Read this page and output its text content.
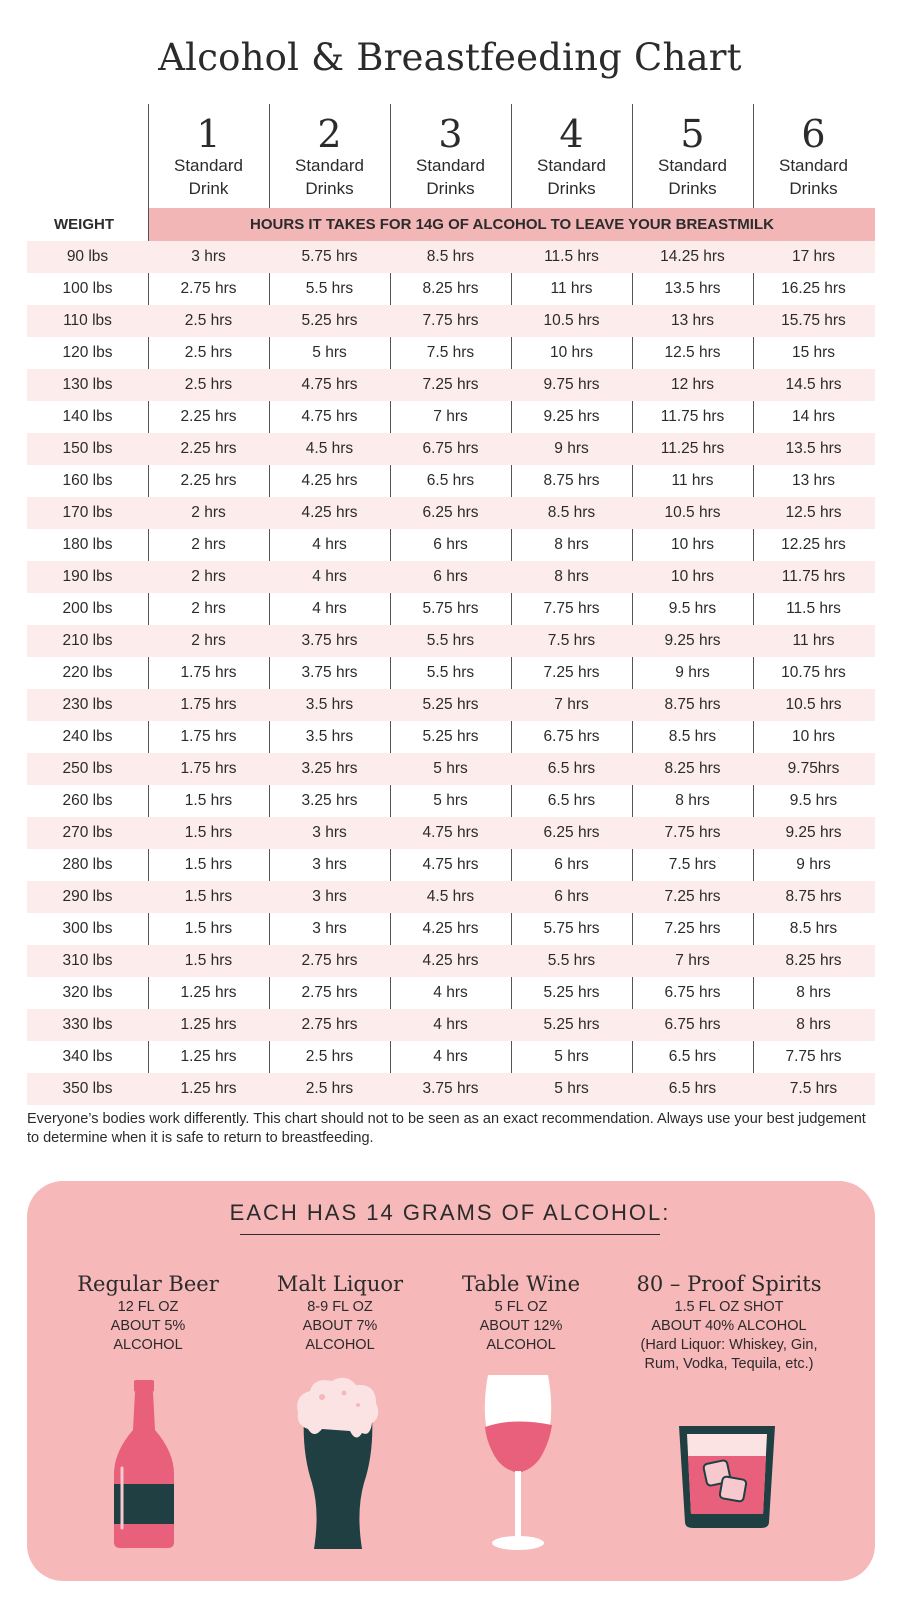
Alcohol & Breastfeeding Chart
1
Standard
Drink
2
Standard
Drinks
3
Standard
Drinks
4
Standard
Drinks
5
Standard
Drinks
6
Standard
Drinks
WEIGHT	HOURS IT TAKES FOR 14G OF ALCOHOL TO LEAVE YOUR BREASTMILK
90 lbs	3 hrs	5.75 hrs	8.5 hrs	11.5 hrs	14.25 hrs	17 hrs
100 lbs	2.75 hrs	5.5 hrs	8.25 hrs	11 hrs	13.5 hrs	16.25 hrs
110 lbs	2.5 hrs	5.25 hrs	7.75 hrs	10.5 hrs	13 hrs	15.75 hrs
120 lbs	2.5 hrs	5 hrs	7.5 hrs	10 hrs	12.5 hrs	15 hrs
130 lbs	2.5 hrs	4.75 hrs	7.25 hrs	9.75 hrs	12 hrs	14.5 hrs
140 lbs	2.25 hrs	4.75 hrs	7 hrs	9.25 hrs	11.75 hrs	14 hrs
150 lbs	2.25 hrs	4.5 hrs	6.75 hrs	9 hrs	11.25 hrs	13.5 hrs
160 lbs	2.25 hrs	4.25 hrs	6.5 hrs	8.75 hrs	11 hrs	13 hrs
170 lbs	2 hrs	4.25 hrs	6.25 hrs	8.5 hrs	10.5 hrs	12.5 hrs
180 lbs	2 hrs	4 hrs	6 hrs	8 hrs	10 hrs	12.25 hrs
190 lbs	2 hrs	4 hrs	6 hrs	8 hrs	10 hrs	11.75 hrs
200 lbs	2 hrs	4 hrs	5.75 hrs	7.75 hrs	9.5 hrs	11.5 hrs
210 lbs	2 hrs	3.75 hrs	5.5 hrs	7.5 hrs	9.25 hrs	11 hrs
220 lbs	1.75 hrs	3.75 hrs	5.5 hrs	7.25 hrs	9 hrs	10.75 hrs
230 lbs	1.75 hrs	3.5 hrs	5.25 hrs	7 hrs	8.75 hrs	10.5 hrs
240 lbs	1.75 hrs	3.5 hrs	5.25 hrs	6.75 hrs	8.5 hrs	10 hrs
250 lbs	1.75 hrs	3.25 hrs	5 hrs	6.5 hrs	8.25 hrs	9.75hrs
260 lbs	1.5 hrs	3.25 hrs	5 hrs	6.5 hrs	8 hrs	9.5 hrs
270 lbs	1.5 hrs	3 hrs	4.75 hrs	6.25 hrs	7.75 hrs	9.25 hrs
280 lbs	1.5 hrs	3 hrs	4.75 hrs	6 hrs	7.5 hrs	9 hrs
290 lbs	1.5 hrs	3 hrs	4.5 hrs	6 hrs	7.25 hrs	8.75 hrs
300 lbs	1.5 hrs	3 hrs	4.25 hrs	5.75 hrs	7.25 hrs	8.5 hrs
310 lbs	1.5 hrs	2.75 hrs	4.25 hrs	5.5 hrs	7 hrs	8.25 hrs
320 lbs	1.25 hrs	2.75 hrs	4 hrs	5.25 hrs	6.75 hrs	8 hrs
330 lbs	1.25 hrs	2.75 hrs	4 hrs	5.25 hrs	6.75 hrs	8 hrs
340 lbs	1.25 hrs	2.5 hrs	4 hrs	5 hrs	6.5 hrs	7.75 hrs
350 lbs	1.25 hrs	2.5 hrs	3.75 hrs	5 hrs	6.5 hrs	7.5 hrs
Everyone’s bodies work differently. This chart should not to be seen as an exact recommendation. Always use your best judgement to determine when it is safe to return to breastfeeding.
EACH HAS 14 GRAMS OF ALCOHOL:
Regular Beer
12 FL OZ
ABOUT 5%
ALCOHOL
Malt Liquor
8-9 FL OZ
ABOUT 7%
ALCOHOL
Table Wine
5 FL OZ
ABOUT 12%
ALCOHOL
80 – Proof Spirits
1.5 FL OZ SHOT
ABOUT 40% ALCOHOL
(Hard Liquor: Whiskey, Gin,
Rum, Vodka, Tequila, etc.)
